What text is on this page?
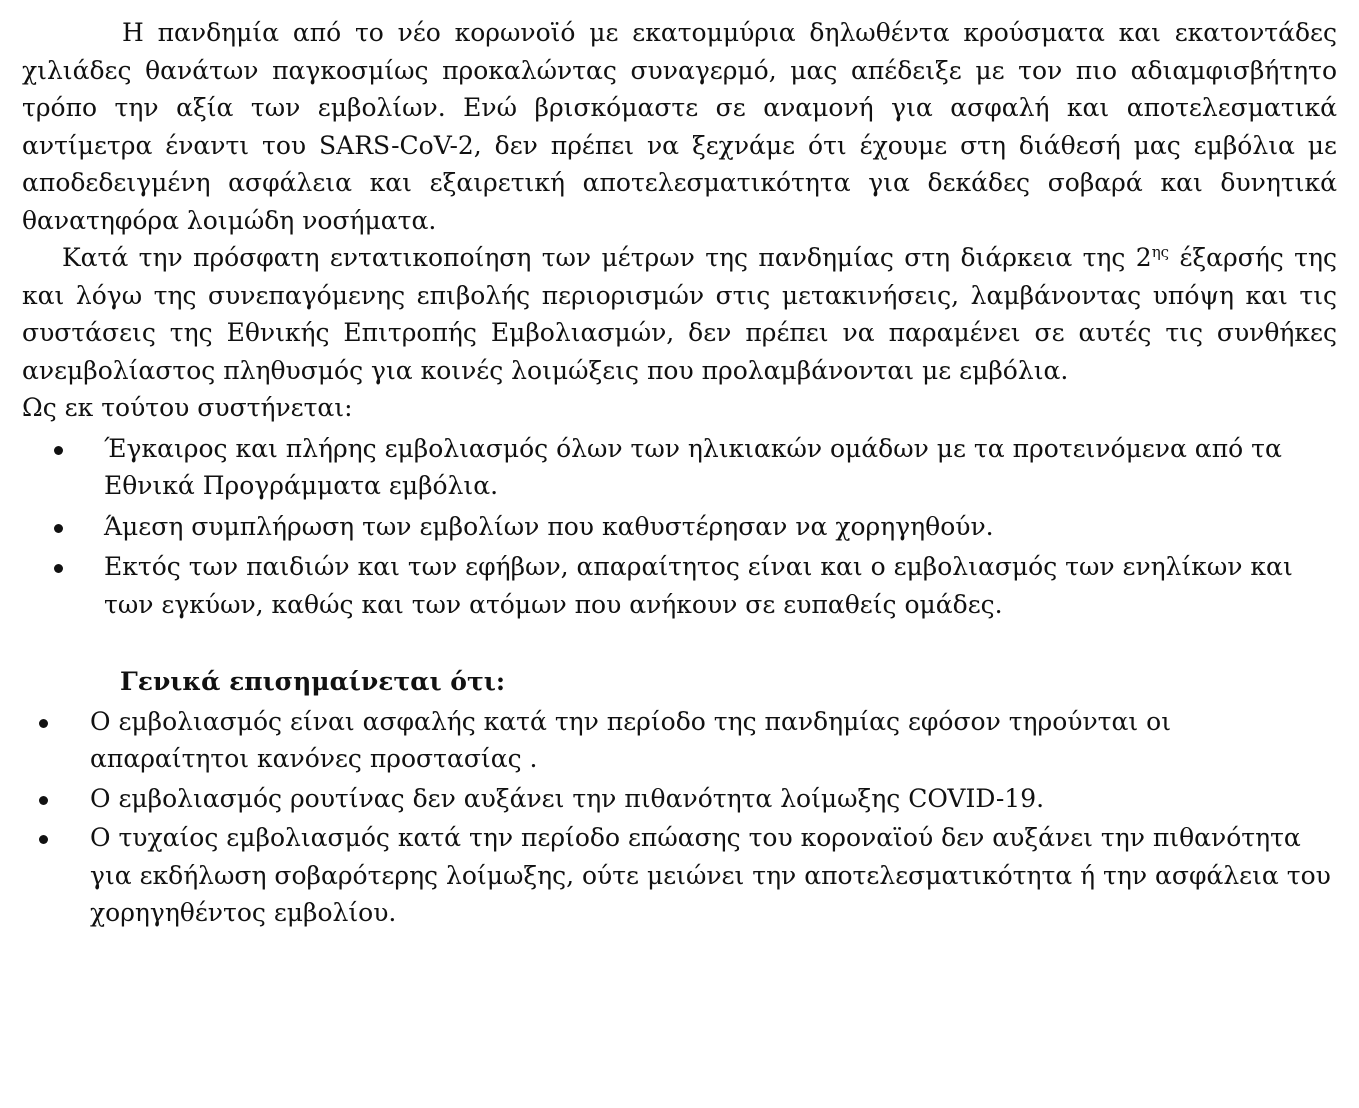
Η πανδημία από το νέο κορωνοϊό με εκατομμύρια δηλωθέντα κρούσματα και εκατοντάδες χιλιάδες θανάτων παγκοσμίως προκαλώντας συναγερμό, μας απέδειξε με τον πιο αδιαμφισβήτητο τρόπο την αξία των εμβολίων. Ενώ βρισκόμαστε σε αναμονή για ασφαλή και αποτελεσματικά αντίμετρα έναντι του SARS-CoV-2, δεν πρέπει να ξεχνάμε ότι έχουμε στη διάθεσή μας εμβόλια με αποδεδειγμένη ασφάλεια και εξαιρετική αποτελεσματικότητα για δεκάδες σοβαρά και δυνητικά θανατηφόρα λοιμώδη νοσήματα.

Κατά την πρόσφατη εντατικοποίηση των μέτρων της πανδημίας στη διάρκεια της $2^{\eta\varsigma}$ έξαρσής της και λόγω της συνεπαγόμενης επιβολής περιορισμών στις μετακινήσεις, λαμβάνοντας υπόψη και τις συστάσεις της Εθνικής Επιτροπής Εμβολιασμών, δεν πρέπει να παραμένει σε αυτές τις συνθήκες ανεμβολίαστος πληθυσμός για κοινές λοιμώξεις που προλαμβάνονται με εμβόλια.

Ως εκ τούτου συστήνεται:

Έγκαιρος και πλήρης εμβολιασμός όλων των ηλικιακών ομάδων με τα προτεινόμενα από τα Εθνικά Προγράμματα εμβόλια.
Άμεση συμπλήρωση των εμβολίων που καθυστέρησαν να χορηγηθούν.
Εκτός των παιδιών και των εφήβων, απαραίτητος είναι και ο εμβολιασμός των ενηλίκων και των εγκύων, καθώς και των ατόμων που ανήκουν σε ευπαθείς ομάδες.

Γενικά επισημαίνεται ότι:

Ο εμβολιασμός είναι ασφαλής κατά την περίοδο της πανδημίας εφόσον τηρούνται οι απαραίτητοι κανόνες προστασίας .
Ο εμβολιασμός ρουτίνας δεν αυξάνει την πιθανότητα λοίμωξης COVID-19.
Ο τυχαίος εμβολιασμός κατά την περίοδο επώασης του κοροναϊού δεν αυξάνει την πιθανότητα για εκδήλωση σοβαρότερης λοίμωξης, ούτε μειώνει την αποτελεσματικότητα ή την ασφάλεια του χορηγηθέντος εμβολίου.
